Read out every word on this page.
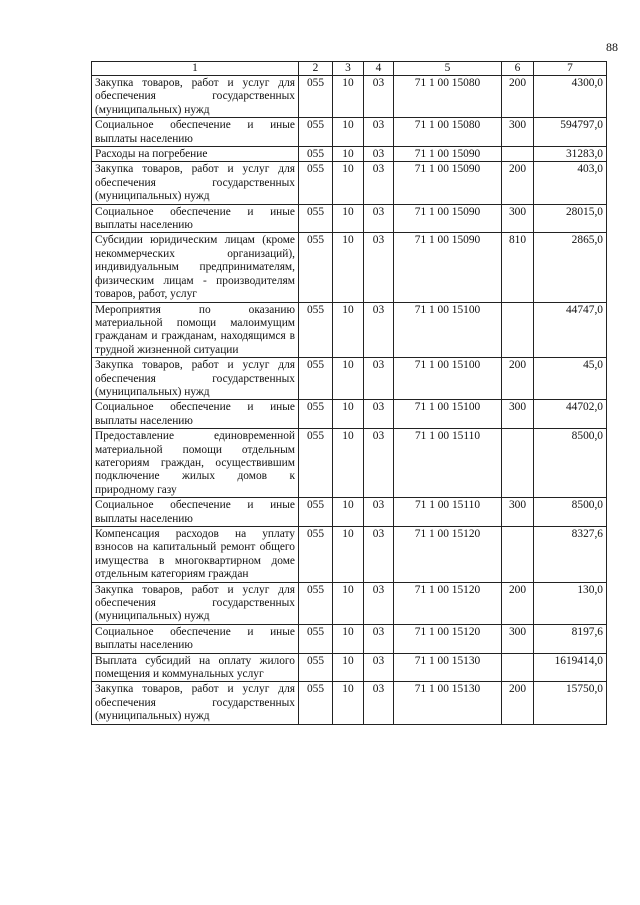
88
1	2	3	4	5	6	7
Закупка товаров, работ и услуг для обеспечения государственных (муниципальных) нужд	055	10	03	71 1 00 15080	200	4300,0
Социальное обеспечение и иные выплаты населению	055	10	03	71 1 00 15080	300	594797,0
Расходы на погребение	055	10	03	71 1 00 15090		31283,0
Закупка товаров, работ и услуг для обеспечения государственных (муниципальных) нужд	055	10	03	71 1 00 15090	200	403,0
Социальное обеспечение и иные выплаты населению	055	10	03	71 1 00 15090	300	28015,0
Субсидии юридическим лицам (кроме некоммерческих организаций), индивидуальным предпринимателям, физическим лицам - производителям товаров, работ, услуг	055	10	03	71 1 00 15090	810	2865,0
Мероприятия по оказанию материальной помощи малоимущим гражданам и гражданам, находящимся в трудной жизненной ситуации	055	10	03	71 1 00 15100		44747,0
Закупка товаров, работ и услуг для обеспечения государственных (муниципальных) нужд	055	10	03	71 1 00 15100	200	45,0
Социальное обеспечение и иные выплаты населению	055	10	03	71 1 00 15100	300	44702,0
Предоставление единовременной материальной помощи отдельным категориям граждан, осуществившим подключение жилых домов к природному газу	055	10	03	71 1 00 15110		8500,0
Социальное обеспечение и иные выплаты населению	055	10	03	71 1 00 15110	300	8500,0
Компенсация расходов на уплату взносов на капитальный ремонт общего имущества в многоквартирном доме отдельным категориям граждан	055	10	03	71 1 00 15120		8327,6
Закупка товаров, работ и услуг для обеспечения государственных (муниципальных) нужд	055	10	03	71 1 00 15120	200	130,0
Социальное обеспечение и иные выплаты населению	055	10	03	71 1 00 15120	300	8197,6
Выплата субсидий на оплату жилого помещения и коммунальных услуг	055	10	03	71 1 00 15130		1619414,0
Закупка товаров, работ и услуг для обеспечения государственных (муниципальных) нужд	055	10	03	71 1 00 15130	200	15750,0
